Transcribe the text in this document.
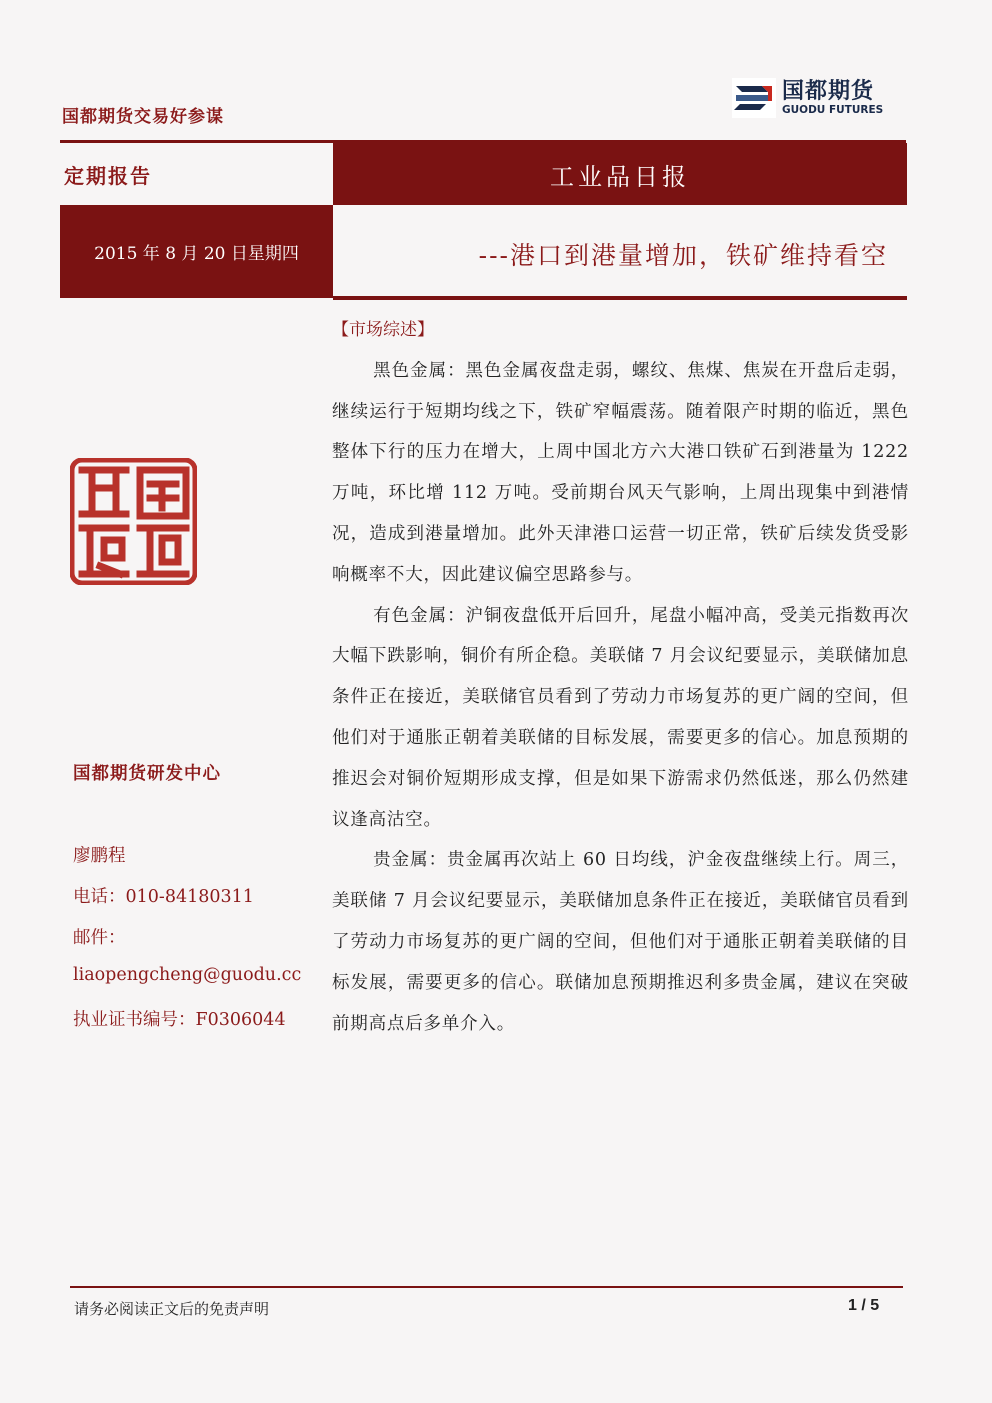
国都期货交易好参谋
国都期货
GUODU FUTURES
定期报告	工业品日报
2015 年 8 月 20 日星期四	---港口到港量增加，铁矿维持看空
国都期货研发中心
廖鹏程
电话：010-84180311
邮件：
liaopengcheng@guodu.cc
执业证书编号：F0306044
【市场综述】

黑色金属：黑色金属夜盘走弱，螺纹、焦煤、焦炭在开盘后走弱，继续运行于短期均线之下，铁矿窄幅震荡。随着限产时期的临近，黑色整体下行的压力在增大，上周中国北方六大港口铁矿石到港量为 1222 万吨，环比增 112 万吨。受前期台风天气影响，上周出现集中到港情况，造成到港量增加。此外天津港口运营一切正常，铁矿后续发货受影响概率不大，因此建议偏空思路参与。

有色金属：沪铜夜盘低开后回升，尾盘小幅冲高，受美元指数再次大幅下跌影响，铜价有所企稳。美联储 7 月会议纪要显示，美联储加息条件正在接近，美联储官员看到了劳动力市场复苏的更广阔的空间，但他们对于通胀正朝着美联储的目标发展，需要更多的信心。加息预期的推迟会对铜价短期形成支撑，但是如果下游需求仍然低迷，那么仍然建议逢高沽空。

贵金属：贵金属再次站上 60 日均线，沪金夜盘继续上行。周三，美联储 7 月会议纪要显示，美联储加息条件正在接近，美联储官员看到了劳动力市场复苏的更广阔的空间，但他们对于通胀正朝着美联储的目标发展，需要更多的信心。联储加息预期推迟利多贵金属，建议在突破前期高点后多单介入。

请务必阅读正文后的免责声明	1 / 5
